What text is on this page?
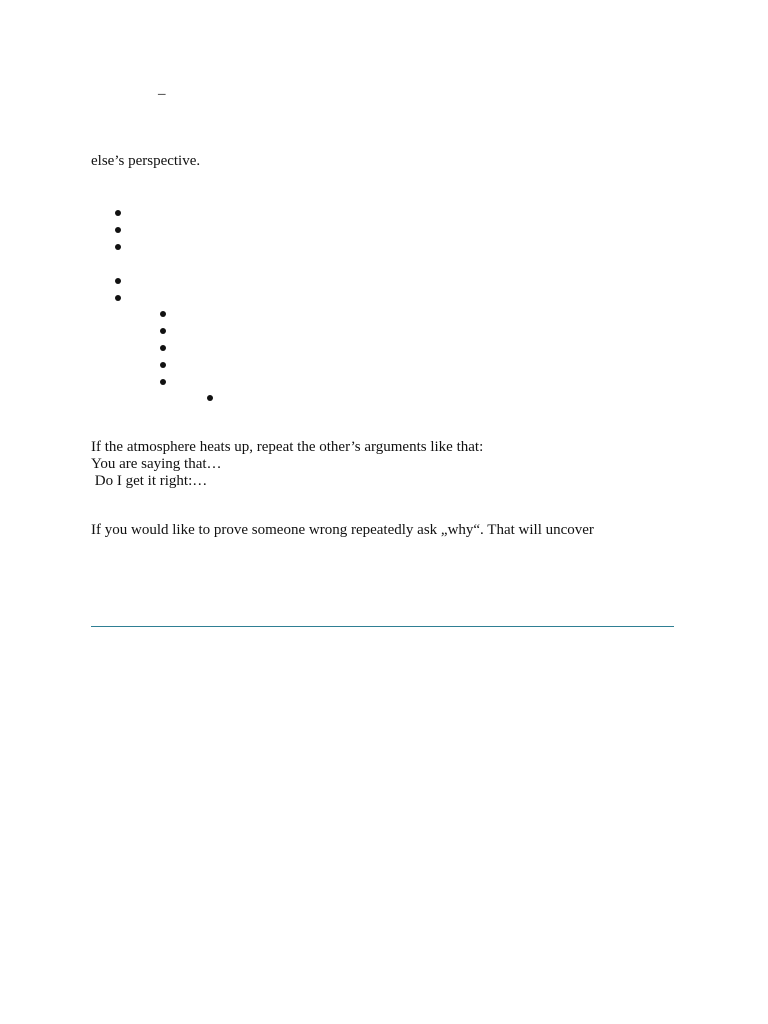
–
else’s perspective.
If the atmosphere heats up, repeat the other’s arguments like that:
You are saying that…
Do I get it right:…
If you would like to prove someone wrong repeatedly ask „why“. That will uncover
